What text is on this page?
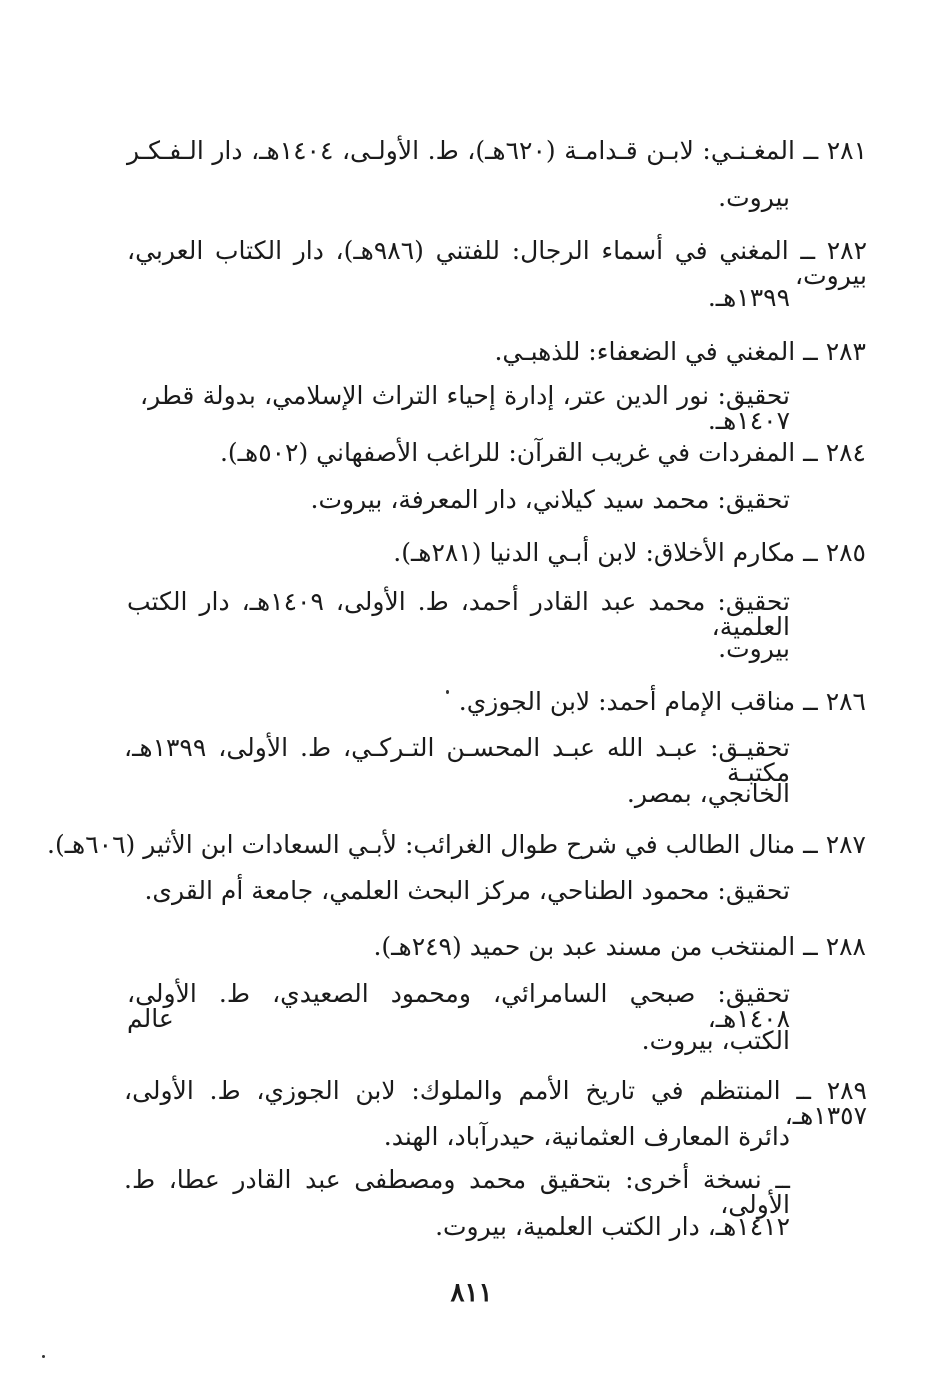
٢٨١ ــ المغـنـي: لابـن قـدامـة (٦٢٠هـ)، ط. الأولـى، ١٤٠٤هـ، دار الـفـكـر
بيروت.
٢٨٢ ــ المغني في أسماء الرجال: للفتني (٩٨٦هـ)، دار الكتاب العربي، بيروت،
١٣٩٩هـ.
٢٨٣ ــ المغني في الضعفاء: للذهبـي.
تحقيق: نور الدين عتر، إدارة إحياء التراث الإسلامي، بدولة قطر، ١٤٠٧هـ.
٢٨٤ ــ المفردات في غريب القرآن: للراغب الأصفهاني (٥٠٢هـ).
تحقيق: محمد سيد كيلاني، دار المعرفة، بيروت.
٢٨٥ ــ مكارم الأخلاق: لابن أبـي الدنيا (٢٨١هـ).
تحقيق: محمد عبد القادر أحمد، ط. الأولى، ١٤٠٩هـ، دار الكتب العلمية،
بيروت.
٢٨٦ ــ مناقب الإمام أحمد: لابن الجوزي.
تحقيـق: عبـد الله عبـد المحسـن التـركـي، ط. الأولى، ١٣٩٩هـ، مكتبـة
الخانجي، بمصر.
٢٨٧ ــ منال الطالب في شرح طوال الغرائب: لأبـي السعادات ابن الأثير (٦٠٦هـ).
تحقيق: محمود الطناحي، مركز البحث العلمي، جامعة أم القرى.
٢٨٨ ــ المنتخب من مسند عبد بن حميد (٢٤٩هـ).
تحقيق: صبحي السامرائي، ومحمود الصعيدي، ط. الأولى، ١٤٠٨هـ، عالم
الكتب، بيروت.
٢٨٩ ــ المنتظم في تاريخ الأمم والملوك: لابن الجوزي، ط. الأولى، ١٣٥٧هـ،
دائرة المعارف العثمانية، حيدرآباد، الهند.
ــ نسخة أخرى: بتحقيق محمد ومصطفى عبد القادر عطا، ط. الأولى،
١٤١٢هـ، دار الكتب العلمية، بيروت.
٨١١
